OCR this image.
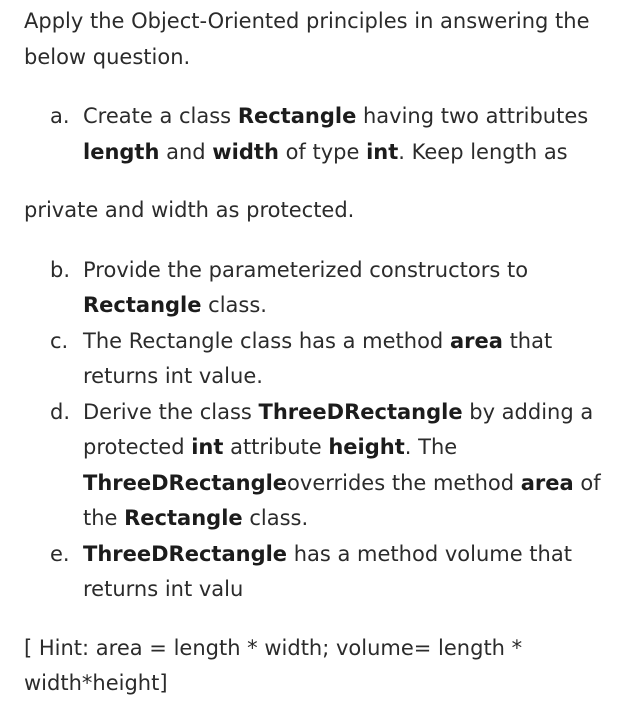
Apply the Object-Oriented principles in answering the below question.

a. Create a class Rectangle having two attributes length and width of type int. Keep length as

private and width as protected.

b. Provide the parameterized constructors to Rectangle class.
c. The Rectangle class has a method area that returns int value.
d. Derive the class ThreeDRectangle by adding a protected int attribute height. The ThreeDRectangleoverrides the method area of the Rectangle class.
e. ThreeDRectangle has a method volume that returns int valu

[ Hint: area = length * width; volume= length * width*height]
